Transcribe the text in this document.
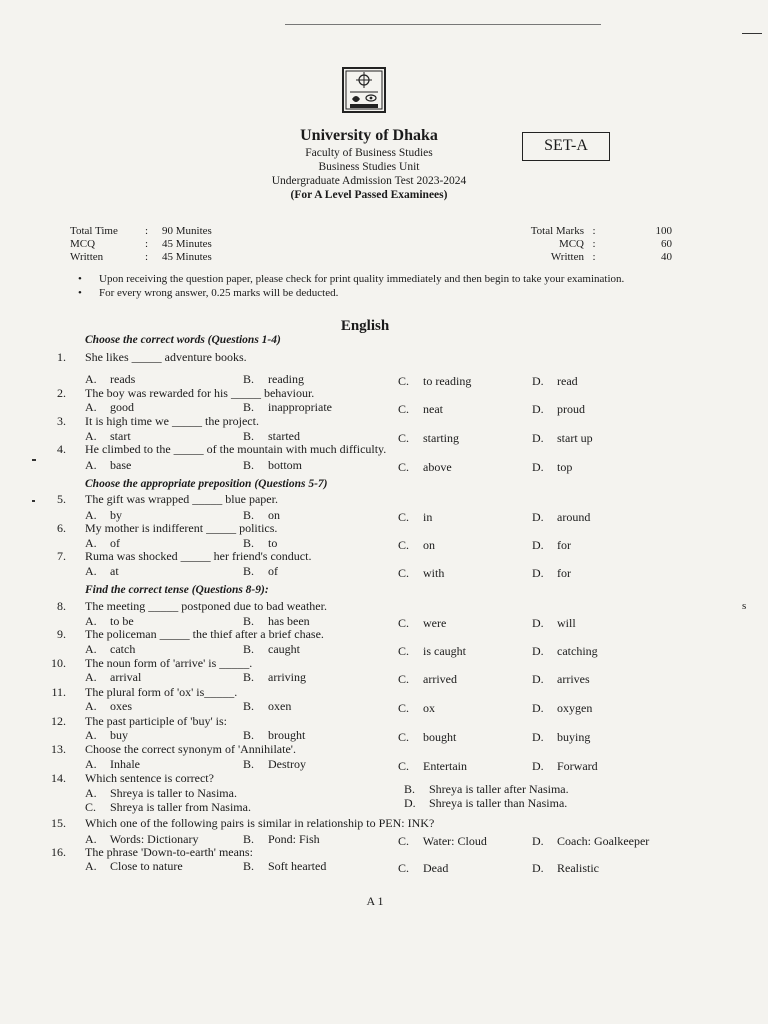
University of Dhaka
Faculty of Business Studies
Business Studies Unit
Undergraduate Admission Test 2023-2024
(For A Level Passed Examinees)
SET-A
Total Time	:	90 Munites
MCQ	:	45 Minutes
Written	:	45 Minutes
Total Marks :	100
MCQ :	60
Written :	40
•	Upon receiving the question paper, please check for print quality immediately and then begin to take your examination.
•	For every wrong answer, 0.25 marks will be deducted.
English
Choose the correct words (Questions 1-4)
Choose the appropriate preposition (Questions 5-7)
Find the correct tense (Questions 8-9):
1. She likes _____ adventure books.
A. reads	B. reading	C. to reading	D. read
2. The boy was rewarded for his _____ behaviour.
A. good	B. inappropriate	C. neat	D. proud
3. It is high time we _____ the project.
A. start	B. started	C. starting	D. start up
4. He climbed to the _____ of the mountain with much difficulty.
A. base	B. bottom	C. above	D. top
5. The gift was wrapped _____ blue paper.
A. by	B. on	C. in	D. around
6. My mother is indifferent _____ politics.
A. of	B. to	C. on	D. for
7. Ruma was shocked _____ her friend's conduct.
A. at	B. of	C. with	D. for
8. The meeting _____ postponed due to bad weather.
A. to be	B. has been	C. were	D. will
9. The policeman _____ the thief after a brief chase.
A. catch	B. caught	C. is caught	D. catching
10. The noun form of 'arrive' is _____.
A. arrival	B. arriving	C. arrived	D. arrives
11. The plural form of 'ox' is_____.
A. oxes	B. oxen	C. ox	D. oxygen
12. The past participle of 'buy' is:
A. buy	B. brought	C. bought	D. buying
13. Choose the correct synonym of 'Annihilate'.
A. Inhale	B. Destroy	C. Entertain	D. Forward
14. Which sentence is correct?
A. Shreya is taller to Nasima.	B. Shreya is taller after Nasima.
C. Shreya is taller from Nasima.	D. Shreya is taller than Nasima.
15. Which one of the following pairs is similar in relationship to PEN: INK?
A. Words: Dictionary	B. Pond: Fish	C. Water: Cloud	D. Coach: Goalkeeper
16. The phrase 'Down-to-earth' means:
A. Close to nature	B. Soft hearted	C. Dead	D. Realistic
s
A 1
